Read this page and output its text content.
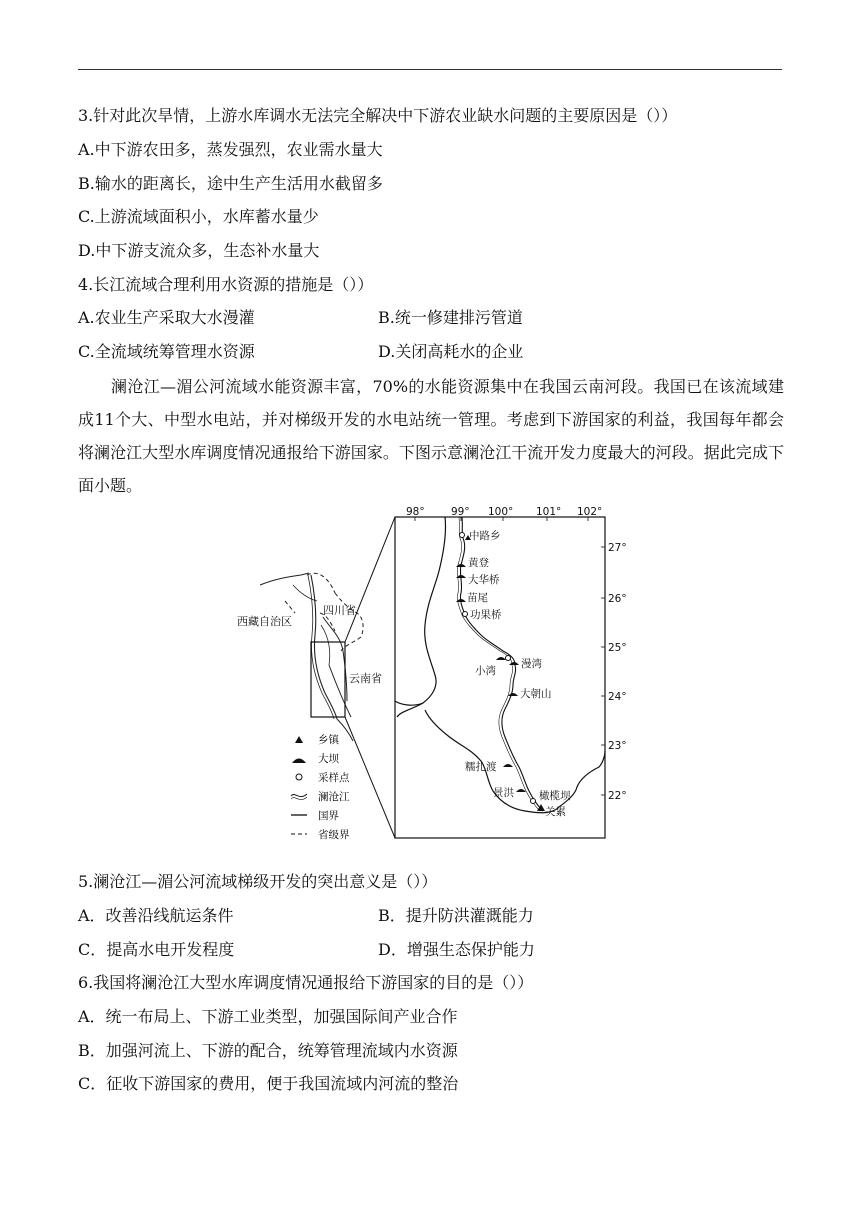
3.针对此次旱情，上游水库调水无法完全解决中下游农业缺水问题的主要原因是（））
A.中下游农田多，蒸发强烈，农业需水量大
B.输水的距离长，途中生产生活用水截留多
C.上游流域面积小，水库蓄水量少
D.中下游支流众多，生态补水量大
4.长江流域合理利用水资源的措施是（））
A.农业生产采取大水漫灌	B.统一修建排污管道
C.全流域统筹管理水资源	D.关闭高耗水的企业
澜沧江—湄公河流域水能资源丰富，70%的水能资源集中在我国云南河段。我国已在该流域建成11个大、中型水电站，并对梯级开发的水电站统一管理。考虑到下游国家的利益，我国每年都会将澜沧江大型水库调度情况通报给下游国家。下图示意澜沧江干流开发力度最大的河段。据此完成下面小题。
西藏自治区
四川省
云南省
乡镇
大坝
采样点
澜沧江
国界
省级界
98°	99° 100° 101° 102°
27°
26°
25°
24°
23°
22°
中路乡
黄登
大华桥
苗尾
功果桥
小湾
漫湾
大朝山
糯扎渡
景洪 橄榄坝
关累
5.澜沧江—湄公河流域梯级开发的突出意义是（））
A．改善沿线航运条件	B．提升防洪灌溉能力
C．提高水电开发程度	D．增强生态保护能力
6.我国将澜沧江大型水库调度情况通报给下游国家的目的是（））
A．统一布局上、下游工业类型，加强国际间产业合作
B．加强河流上、下游的配合，统筹管理流域内水资源
C．征收下游国家的费用，便于我国流域内河流的整治
